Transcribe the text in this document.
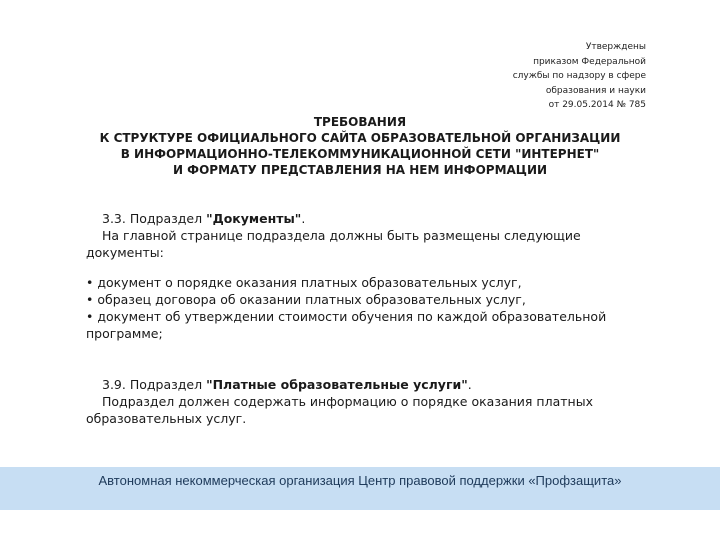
Утверждены
приказом Федеральной
службы по надзору в сфере
образования и науки
от 29.05.2014 № 785
ТРЕБОВАНИЯ
К СТРУКТУРЕ ОФИЦИАЛЬНОГО САЙТА ОБРАЗОВАТЕЛЬНОЙ ОРГАНИЗАЦИИ
В ИНФОРМАЦИОННО-ТЕЛЕКОММУНИКАЦИОННОЙ СЕТИ "ИНТЕРНЕТ"
И ФОРМАТУ ПРЕДСТАВЛЕНИЯ НА НЕМ ИНФОРМАЦИИ

3.3. Подраздел "Документы".

На главной странице подраздела должны быть размещены следующие

документы:

• документ о порядке оказания платных образовательных услуг,

• образец договора об оказании платных образовательных услуг,

• документ об утверждении стоимости обучения по каждой образовательной

программе;

3.9. Подраздел "Платные образовательные услуги".

Подраздел должен содержать информацию о порядке оказания платных

образовательных услуг.

Автономная некоммерческая организация Центр правовой поддержки «Профзащита»
